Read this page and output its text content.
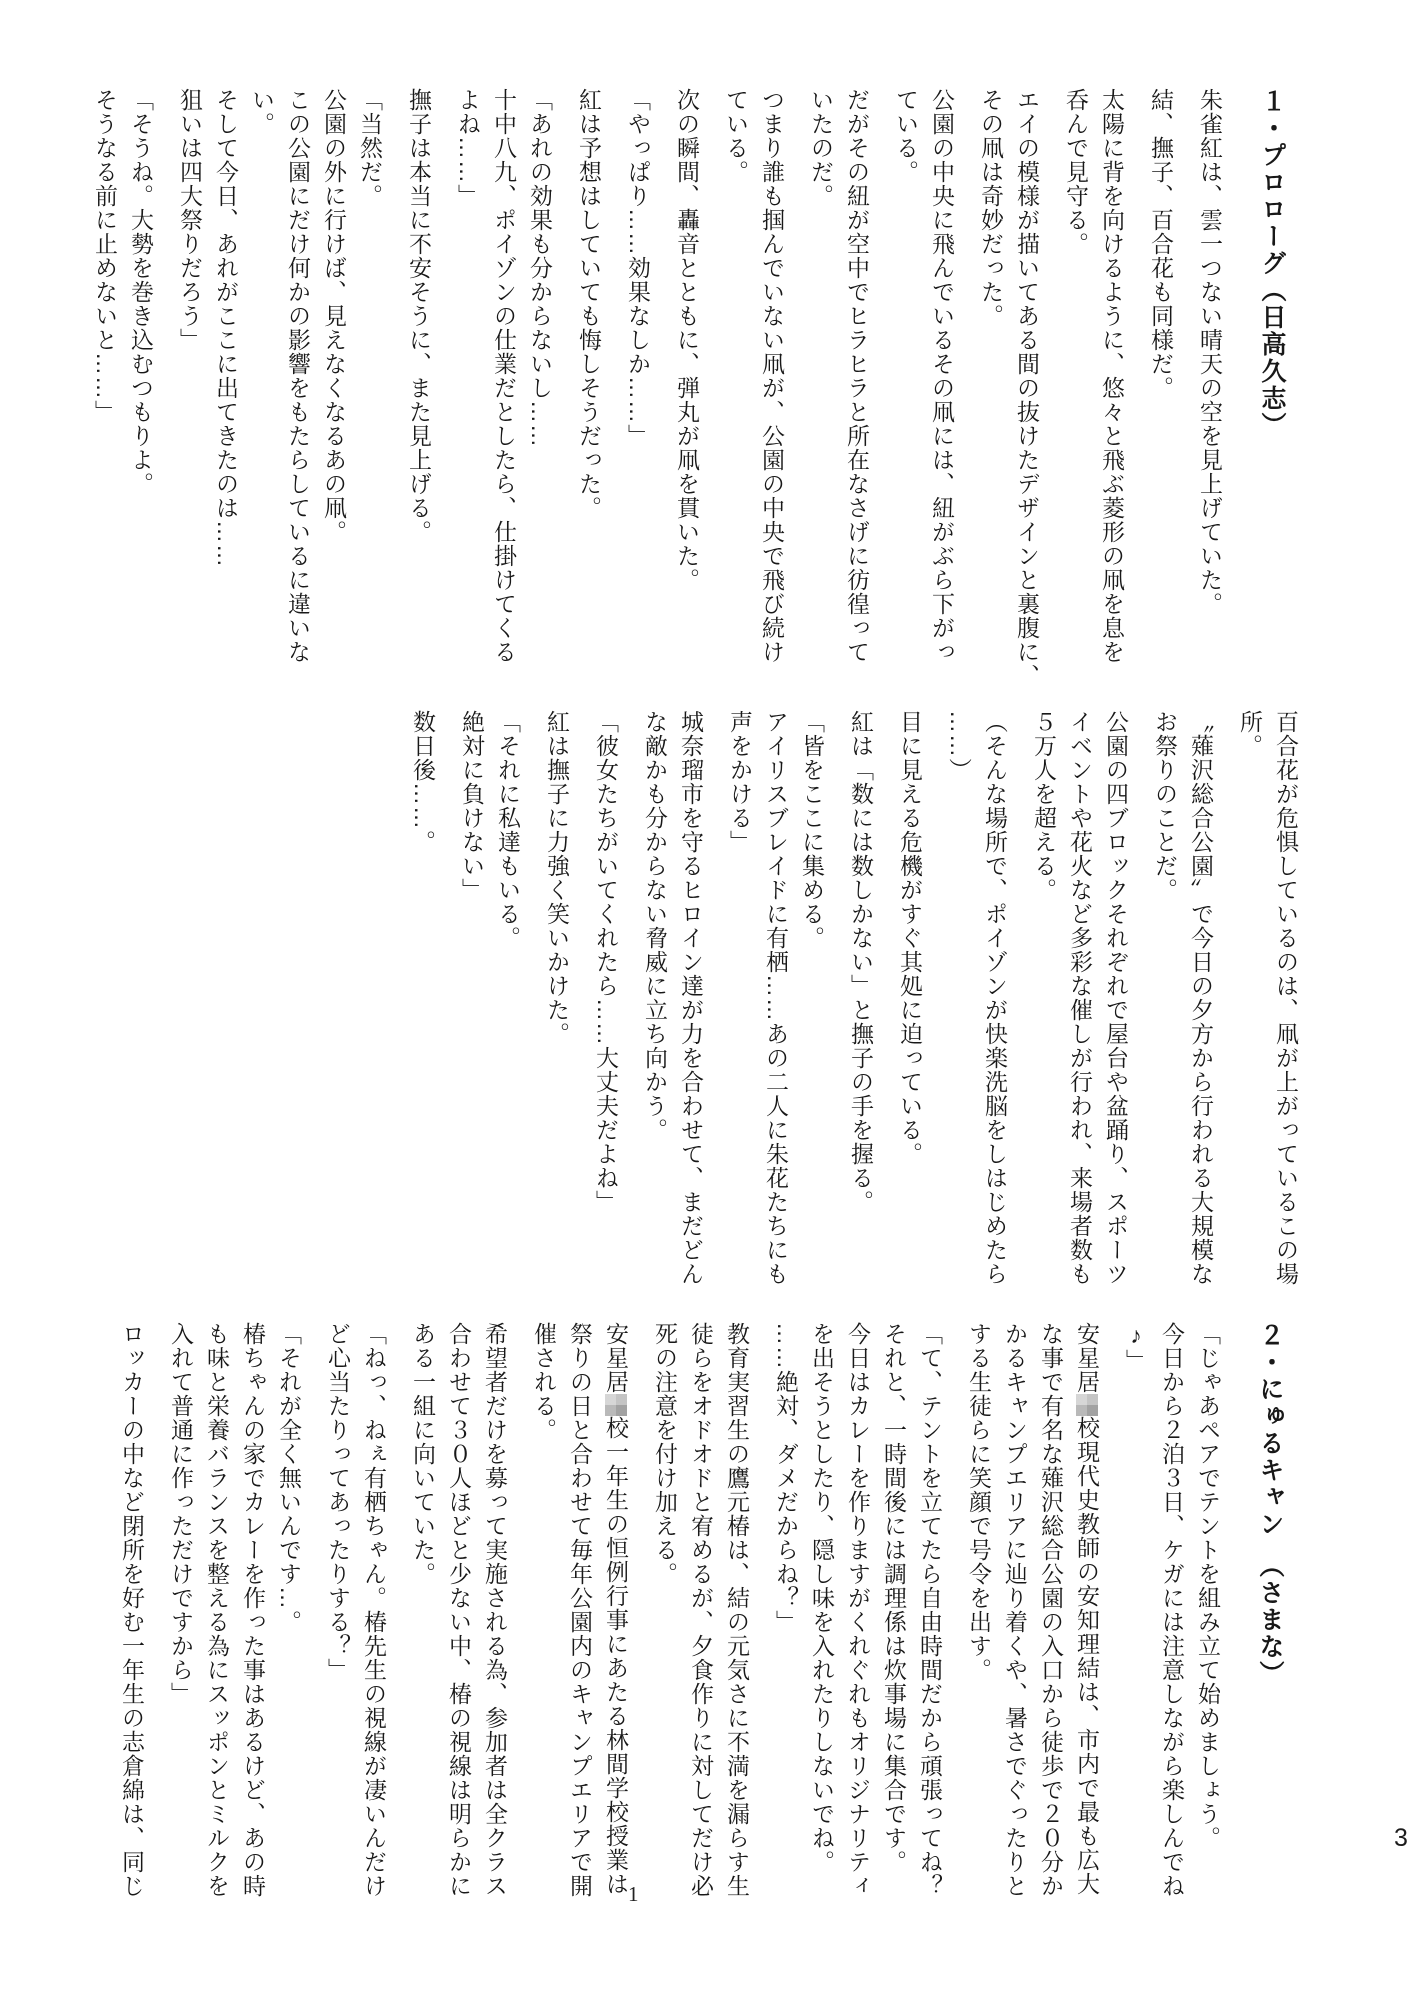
１・プロローグ（日高久志）

朱雀紅は、雲一つない晴天の空を見上げていた。

結、撫子、百合花も同様だ。

太陽に背を向けるように、悠々と飛ぶ菱形の凧を息を

呑んで見守る。

エイの模様が描いてある間の抜けたデザインと裏腹に、

その凧は奇妙だった。

公園の中央に飛んでいるその凧には、紐がぶら下がっ

ている。

だがその紐が空中でヒラヒラと所在なさげに彷徨って

いたのだ。

つまり誰も掴んでいない凧が、公園の中央で飛び続け

ている。

次の瞬間、轟音とともに、弾丸が凧を貫いた。

「やっぱり……効果なしか……」

紅は予想はしていても悔しそうだった。

「あれの効果も分からないし……

十中八九、ポイゾンの仕業だとしたら、仕掛けてくる

よね……」

撫子は本当に不安そうに、また見上げる。

「当然だ。

公園の外に行けば、見えなくなるあの凧。

この公園にだけ何かの影響をもたらしているに違いな

い。

そして今日、あれがここに出てきたのは……

狙いは四大祭りだろう」

「そうね。大勢を巻き込むつもりよ。

そうなる前に止めないと……」

百合花が危惧しているのは、凧が上がっているこの場

所。

〝薙沢総合公園〞で今日の夕方から行われる大規模な

お祭りのことだ。

公園の四ブロックそれぞれで屋台や盆踊り、スポーツ

イベントや花火など多彩な催しが行われ、来場者数も

５万人を超える。

（そんな場所で、ポイゾンが快楽洗脳をしはじめたら

……）

目に見える危機がすぐ其処に迫っている。

紅は「数には数しかない」と撫子の手を握る。

「皆をここに集める。

アイリスブレイドに有栖……あの二人に朱花たちにも

声をかける」

城奈瑠市を守るヒロイン達が力を合わせて、まだどん

な敵かも分からない脅威に立ち向かう。

「彼女たちがいてくれたら……大丈夫だよね」

紅は撫子に力強く笑いかけた。

「それに私達もいる。

絶対に負けない」

数日後……。

２・にゅるキャン　（さまな）

「じゃあペアでテントを組み立て始めましょう。

今日から２泊３日、ケガには注意しながら楽しんでね

♪」

安星居校現代史教師の安知理結は、市内で最も広大

な事で有名な薙沢総合公園の入口から徒歩で２０分か

かるキャンプエリアに辿り着くや、暑さでぐったりと

する生徒らに笑顔で号令を出す。

「て、テントを立てたら自由時間だから頑張ってね？

それと、一時間後には調理係は炊事場に集合です。

今日はカレーを作りますがくれぐれもオリジナリティ

を出そうとしたり、隠し味を入れたりしないでね。

……絶対、ダメだからね？」

教育実習生の鷹元椿は、結の元気さに不満を漏らす生

徒らをオドオドと宥めるが、夕食作りに対してだけ必

死の注意を付け加える。

安星居校一年生の恒例行事にあたる林間学校授業は

祭りの日と合わせて毎年公園内のキャンプエリアで開

催される。

希望者だけを募って実施される為、参加者は全クラス

合わせて３０人ほどと少ない中、椿の視線は明らかに

ある一組に向いていた。

「ねっ、ねぇ有栖ちゃん。椿先生の視線が凄いんだけ

ど心当たりってあったりする？」

「それが全く無いんです…。

椿ちゃんの家でカレーを作った事はあるけど、あの時

も味と栄養バランスを整える為にスッポンとミルクを

入れて普通に作っただけですから」

ロッカーの中など閉所を好む一年生の志倉綿は、同じ	1
3
